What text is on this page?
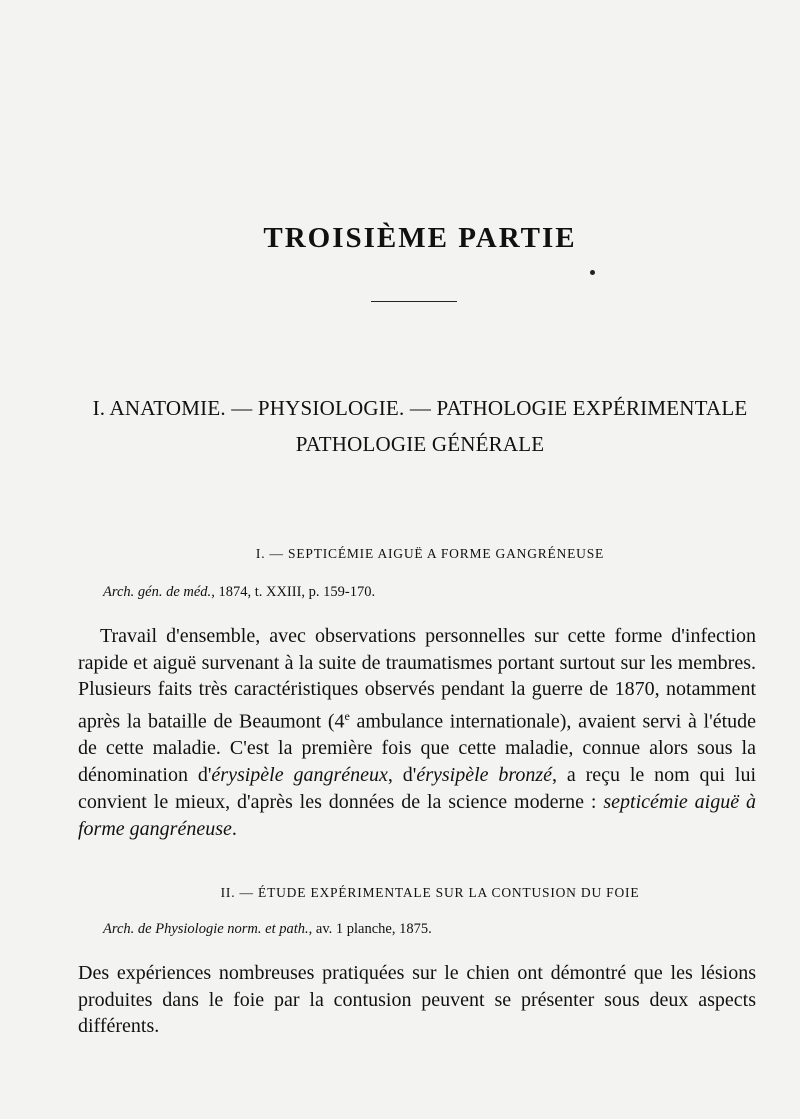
TROISIÈME PARTIE
I. ANATOMIE. — PHYSIOLOGIE. — PATHOLOGIE EXPÉRIMENTALE
PATHOLOGIE GÉNÉRALE
I. — SEPTICÉMIE AIGUË A FORME GANGRÉNEUSE
Arch. gén. de méd., 1874, t. XXIII, p. 159-170.
Travail d'ensemble, avec observations personnelles sur cette forme d'infection rapide et aiguë survenant à la suite de traumatismes portant surtout sur les membres. Plusieurs faits très caractéristiques observés pendant la guerre de 1870, notamment après la bataille de Beaumont (4e ambulance internationale), avaient servi à l'étude de cette maladie. C'est la première fois que cette maladie, connue alors sous la dénomination d'érysipèle gangréneux, d'érysipèle bronzé, a reçu le nom qui lui convient le mieux, d'après les données de la science moderne : septicémie aiguë à forme gangréneuse.
II. — ÉTUDE EXPÉRIMENTALE SUR LA CONTUSION DU FOIE
Arch. de Physiologie norm. et path., av. 1 planche, 1875.
Des expériences nombreuses pratiquées sur le chien ont démontré que les lésions produites dans le foie par la contusion peuvent se présenter sous deux aspects différents.
